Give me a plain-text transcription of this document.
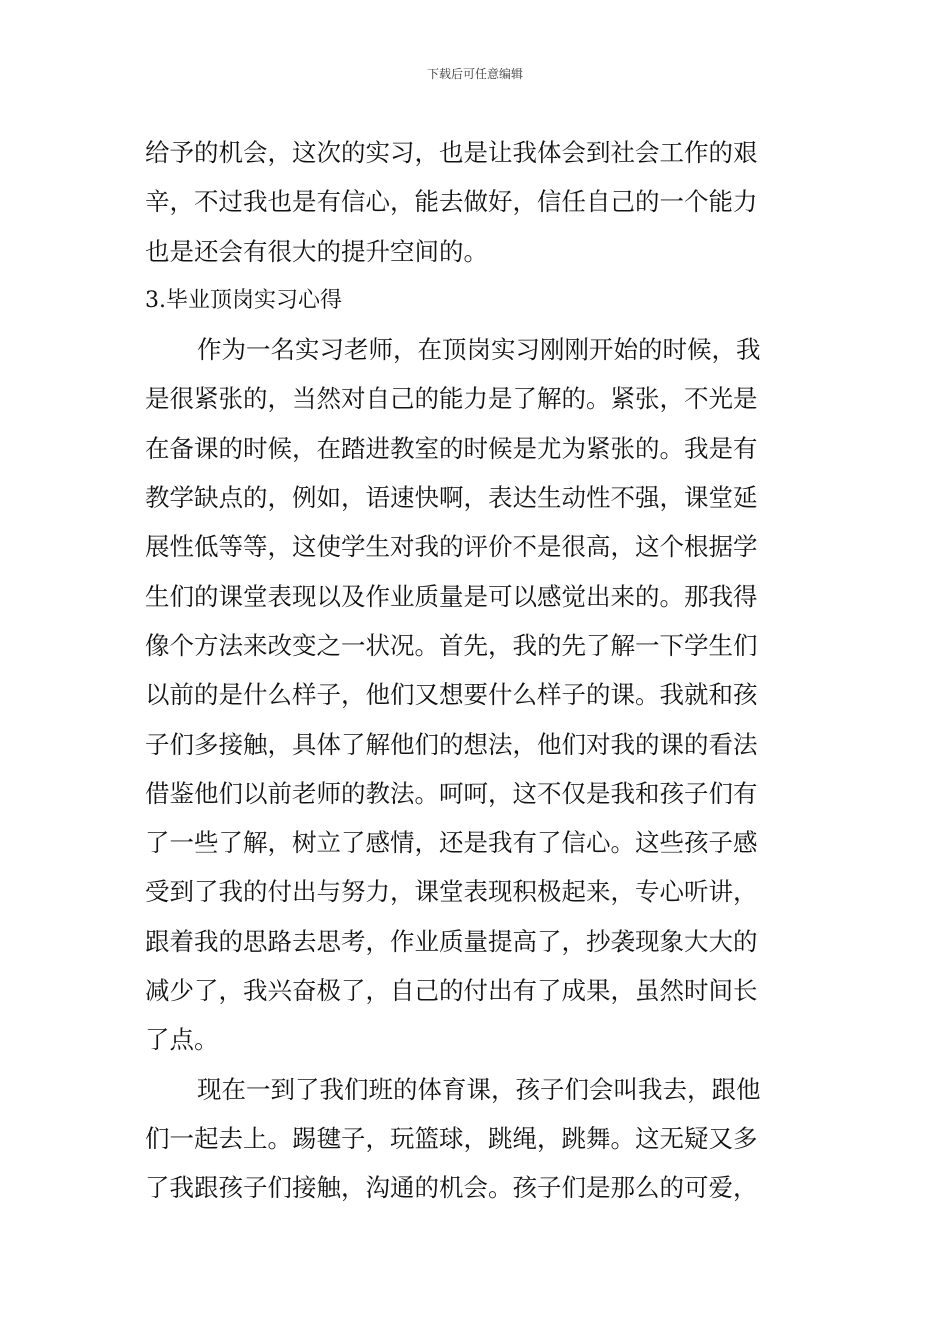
下载后可任意编辑
给予的机会，这次的实习，也是让我体会到社会工作的艰
辛，不过我也是有信心，能去做好，信任自己的一个能力
也是还会有很大的提升空间的。
3.毕业顶岗实习心得
作为一名实习老师，在顶岗实习刚刚开始的时候，我
是很紧张的，当然对自己的能力是了解的。紧张，不光是
在备课的时候，在踏进教室的时候是尤为紧张的。我是有
教学缺点的，例如，语速快啊，表达生动性不强，课堂延
展性低等等，这使学生对我的评价不是很高，这个根据学
生们的课堂表现以及作业质量是可以感觉出来的。那我得
像个方法来改变之一状况。首先，我的先了解一下学生们
以前的是什么样子，他们又想要什么样子的课。我就和孩
子们多接触，具体了解他们的想法，他们对我的课的看法
借鉴他们以前老师的教法。呵呵，这不仅是我和孩子们有
了一些了解，树立了感情，还是我有了信心。这些孩子感
受到了我的付出与努力，课堂表现积极起来，专心听讲，
跟着我的思路去思考，作业质量提高了，抄袭现象大大的
减少了，我兴奋极了，自己的付出有了成果，虽然时间长
了点。
现在一到了我们班的体育课，孩子们会叫我去，跟他
们一起去上。踢毽子，玩篮球，跳绳，跳舞。这无疑又多
了我跟孩子们接触，沟通的机会。孩子们是那么的可爱，
